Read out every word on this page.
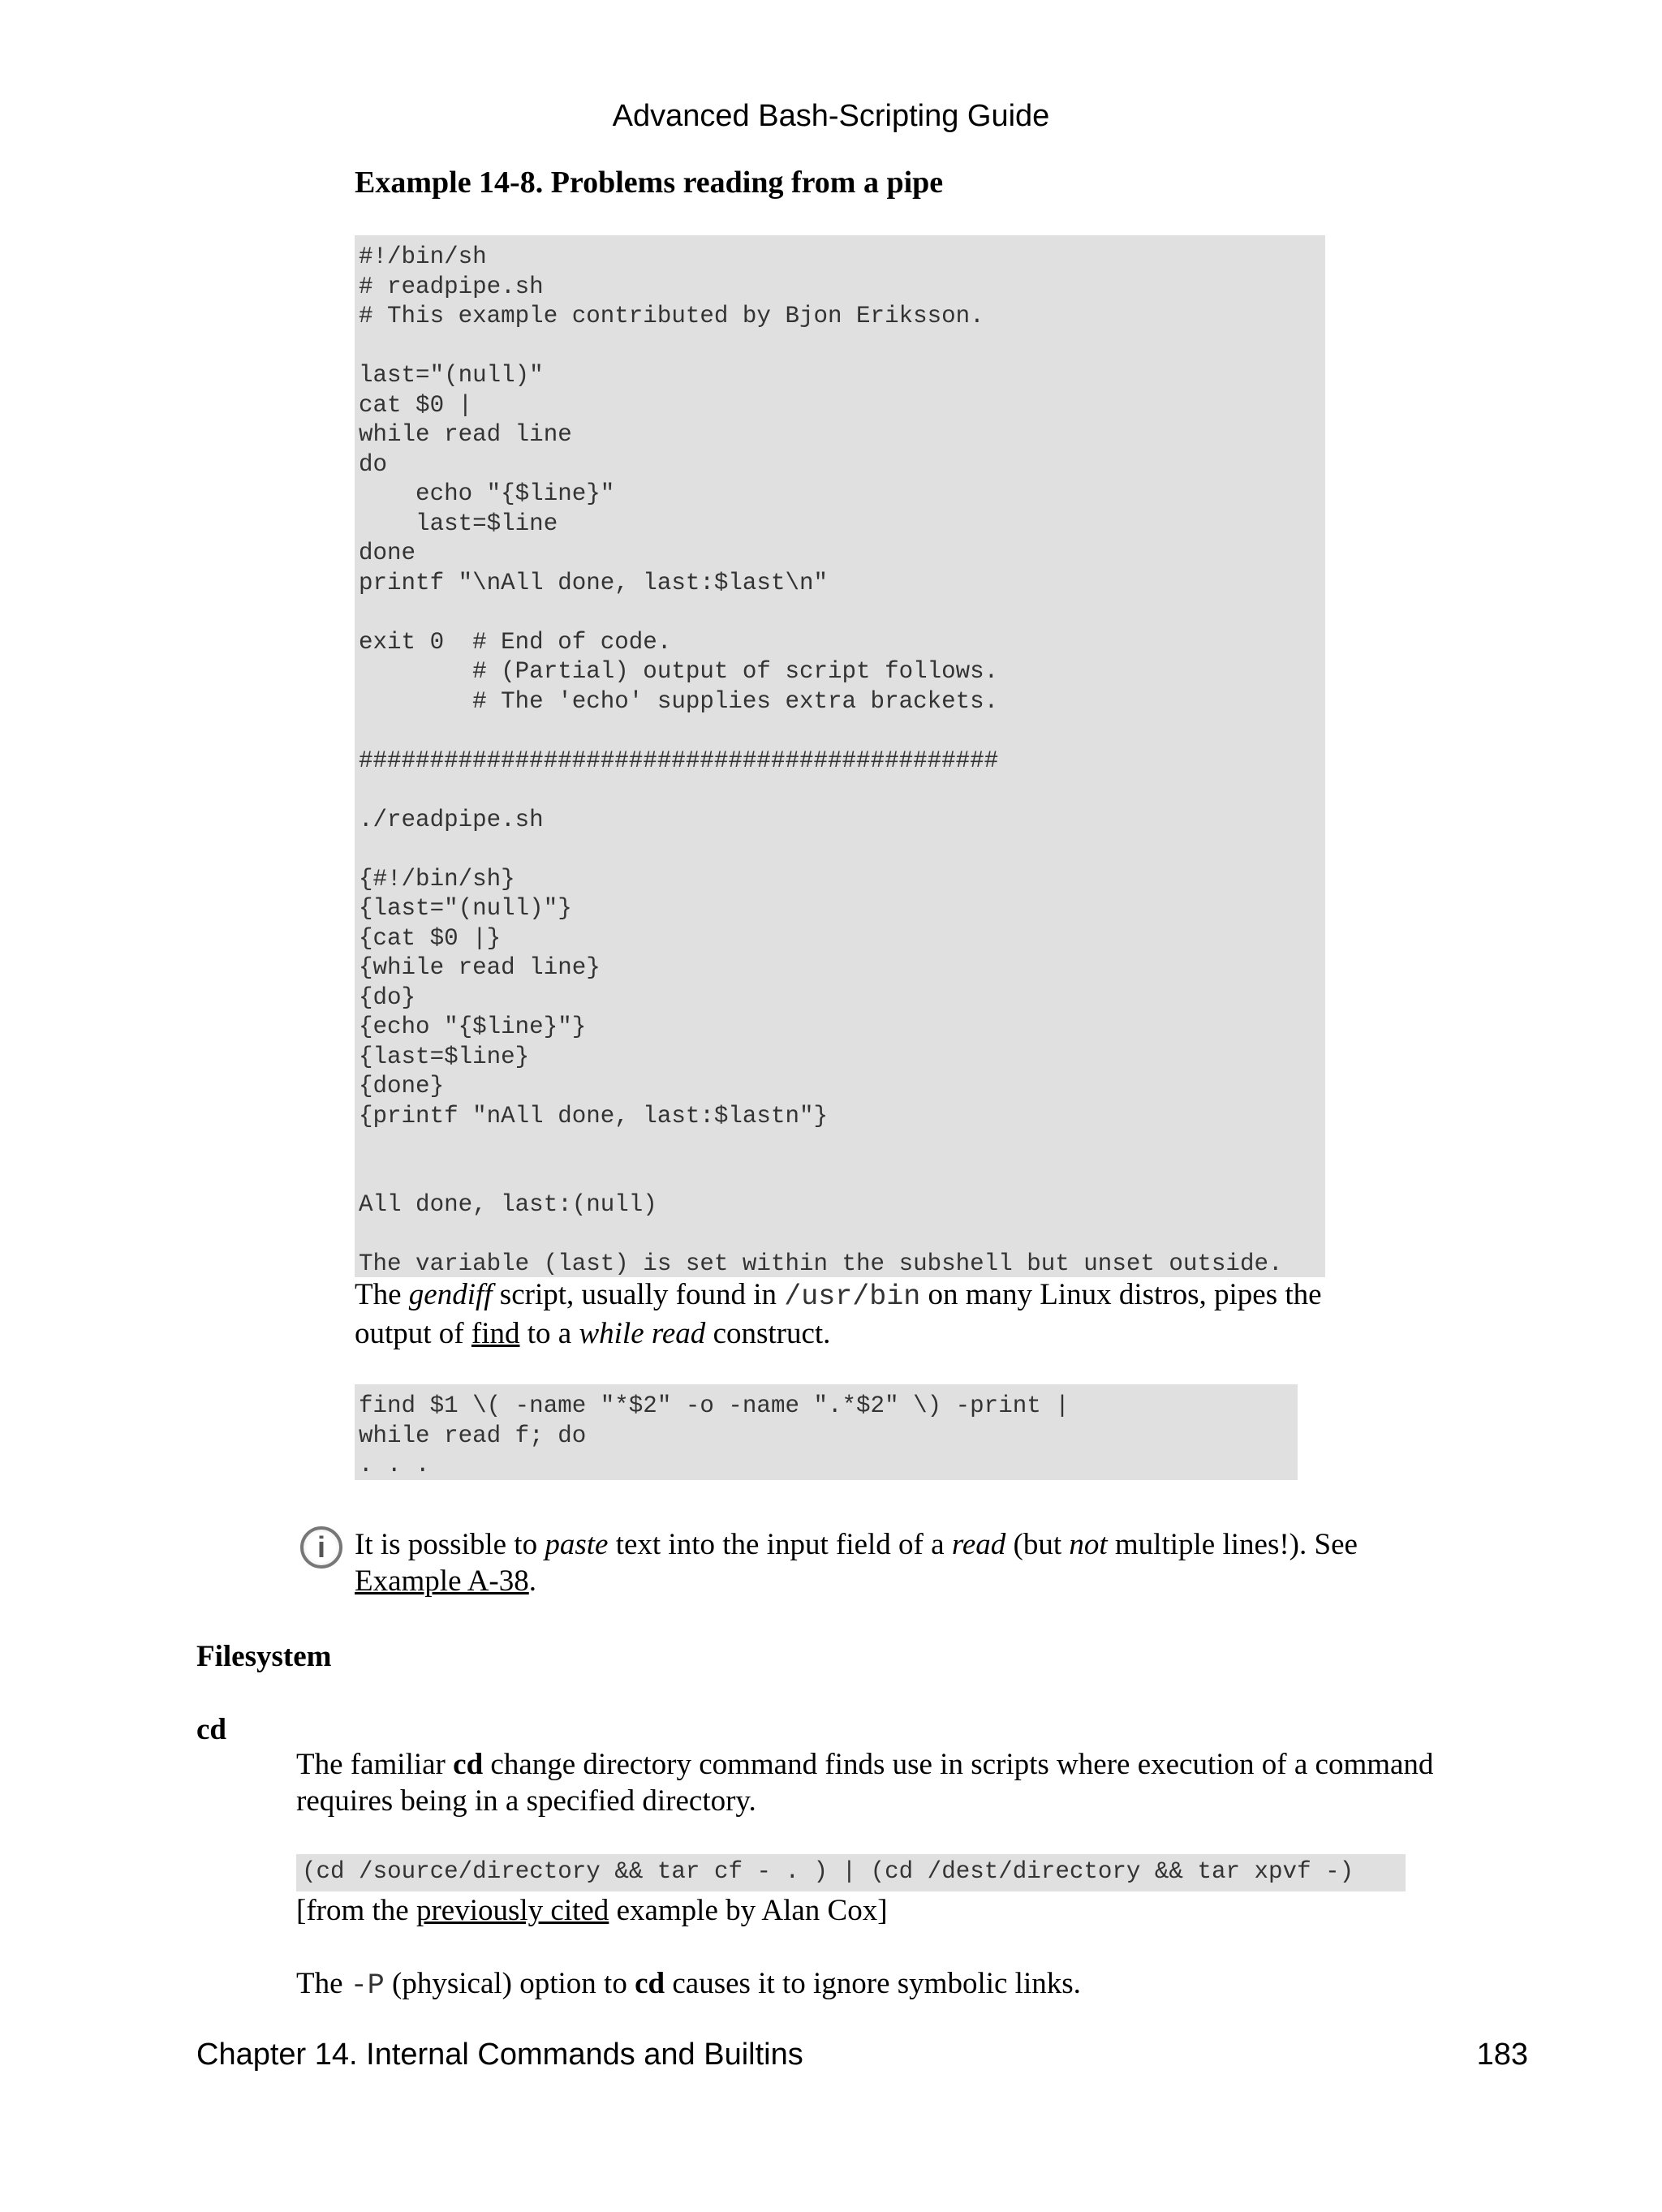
Advanced Bash-Scripting Guide
Example 14-8. Problems reading from a pipe
#!/bin/sh
# readpipe.sh
# This example contributed by Bjon Eriksson.

last="(null)"
cat $0 |
while read line
do
echo "{$line}"
last=$line
done
printf "\nAll done, last:$last\n"

exit 0  # End of code.
# (Partial) output of script follows.
# The 'echo' supplies extra brackets.

#############################################

./readpipe.sh

{#!/bin/sh}
{last="(null)"}
{cat $0 |}
{while read line}
{do}
{echo "{$line}"}
{last=$line}
{done}
{printf "nAll done, last:$lastn"}

All done, last:(null)

The variable (last) is set within the subshell but unset outside.
The gendiff script, usually found in /usr/bin on many Linux distros, pipes the output of find to a while read construct.
find $1 \( -name "*$2" -o -name ".*$2" \) -print |
while read f; do
. . .
i It is possible to paste text into the input field of a read (but not multiple lines!). See Example A-38.
Filesystem
cd
The familiar cd change directory command finds use in scripts where execution of a command requires being in a specified directory.
(cd /source/directory && tar cf - . ) | (cd /dest/directory && tar xpvf -)
[from the previously cited example by Alan Cox]
The -P (physical) option to cd causes it to ignore symbolic links.
Chapter 14. Internal Commands and Builtins	183
